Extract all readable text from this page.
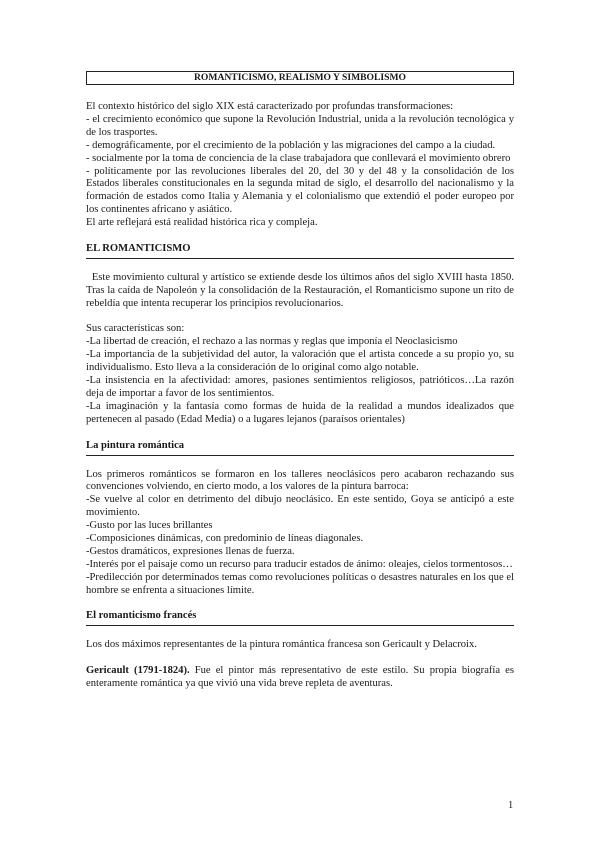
ROMANTICISMO, REALISMO Y SIMBOLISMO

El contexto histórico del siglo XIX está caracterizado por profundas transformaciones:

- el crecimiento económico que supone la Revolución Industrial, unida a la revolución tecnológica y de los trasportes.

- demográficamente, por el crecimiento de la población y las migraciones del campo a la ciudad.

- socialmente por la toma de conciencia de la clase trabajadora que conllevará el movimiento obrero

- políticamente por las revoluciones liberales del 20, del 30 y del 48 y la consolidación de los Estados liberales constitucionales en la segunda mitad de siglo, el desarrollo del nacionalismo y la formación de estados como Italia y Alemania y el colonialismo que extendió el poder europeo por los continentes africano y asiático.

El arte reflejará está realidad histórica rica y compleja.

EL ROMANTICISMO

Este movimiento cultural y artístico se extiende desde los últimos años del siglo XVIII hasta 1850. Tras la caída de Napoleón y la consolidación de la Restauración, el Romanticismo supone un rito de rebeldía que intenta recuperar los principios revolucionarios.

Sus características son:

-La libertad de creación, el rechazo a las normas y reglas que imponía el Neoclasicismo

-La importancia de la subjetividad del autor, la valoración que el artista concede a su propio yo, su individualismo. Esto lleva a la consideración de lo original como algo notable.

-La insistencia en la afectividad: amores, pasiones sentimientos religiosos, patrióticos…La razón deja de importar a favor de los sentimientos.

-La imaginación y la fantasía como formas de huida de la realidad a mundos idealizados que pertenecen al pasado (Edad Media) o a lugares lejanos (paraísos orientales)

La pintura romántica

Los primeros románticos se formaron en los talleres neoclásicos pero acabaron rechazando sus convenciones volviendo, en cierto modo, a los valores de la pintura barroca:

-Se vuelve al color en detrimento del dibujo neoclásico. En este sentido, Goya se anticipó a este movimiento.

-Gusto por las luces brillantes

-Composiciones dinámicas, con predominio de líneas diagonales.

-Gestos dramáticos, expresiones llenas de fuerza.

-Interés por el paisaje como un recurso para traducir estados de ánimo: oleajes, cielos tormentosos…

-Predilección por determinados temas como revoluciones políticas o desastres naturales en los que el hombre se enfrenta a situaciones límite.

El romanticismo francés

Los dos máximos representantes de la pintura romántica francesa son Gericault y Delacroix.

Gericault (1791-1824). Fue el pintor más representativo de este estilo. Su propia biografía es enteramente romántica ya que vivió una vida breve repleta de aventuras.

1
